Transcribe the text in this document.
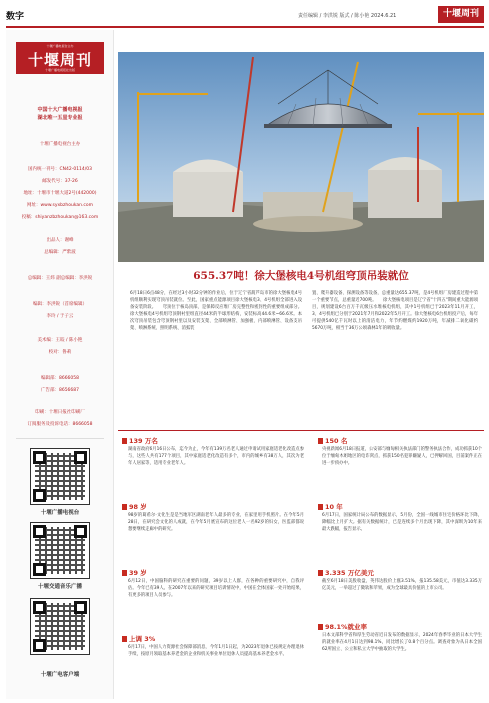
数字	责任编辑 / 李洪锐 版式 / 陈小艳 2024.6.21	十堰周刊
十堰广播电视台主办
十堰周刊
十堰广播电视报社出版
中国十大广播电视报
湖北唯一五星专业报
十堰广播电视台主办
国内统一刊号：CN42-0114/03
邮发代号：37-26
地址：十堰市十堰大道2号(442000)
网址：www.syxbzhoukan.com
投稿：shiyanzbzhoukan@163.com
出品人：谢峰
总编辑：严紫波
总编辑：王炜 副总编辑：李洪锐
编辑：李洪锐（首席编辑）
李玲 / 于子云
美术编：王皎 / 陈小艳
校对：鲁莉
编辑部：8666058
广告部：8656687
印刷：十堰日报社印刷厂
订阅服务及投诉电话：8666058
十堰广播电视台
十堰交通音乐广播
十堰广电客户端
655.37吨！徐大堡核电4号机组穹顶吊装就位
6月18日6点48分，在经过3小时32分钟的作业后，位于辽宁省葫芦岛市的徐大堡核电4号机组顺利实现穹顶吊装就位。至此，国家重点能源项目徐大堡核电3、4号机组全部进入设备安装阶段。　　穹顶位于核岛顶部，是保障反应堆厂房完整性和密封性的重要组成部分。徐大堡核电4号机组穹顶钢衬里组直径44米的半球形结构，安装标高44.6米~66.6米。本次穹顶吊装包含穹顶钢衬里以及安装支架、全部喷淋管、加强板、内部喷淋管、设备支吊架、喷淋系统、照明系统、消弧装
置、爬升器设备、探测设备等设备，总重量达655.37吨，是4号机组厂房建造过程中第一个重要节点，总重量近700吨。　　徐大堡核电项目是辽宁省"十四五"期间重大能源项目，规划建设6台百万千瓦级压水堆核电机组，其中1号机组已于2023年11月开工，3、4号机组已分别于2021年7月和2022年5月开工。徐大堡核电6台机组投产后，每年可提供540亿千瓦时以上的清洁电力，年节约燃煤约1920万吨，年减排二氧化碳约5670万吨，相当于36万公顷森林1年的吸收量。
139 万名
湖南省政府6月16日公布，迄今为止，今年有139万名老人通过申请试用家庭适老化改造点参与，这些人共有177个项目，其中家庭适老化改造有多个，市内的城乡有38万人，其次为老年人居家等，适用专业老年人。
98 岁
98岁的葛希尔·文化生是是当地军区湖南老年人最多的专业，在家里用手机照片。在今年5月28日，在研究会文化的人成就，在今年5月底宣布的这位老人一名92岁的妇女，医监部都说想要继续走廊中的研究。
39 岁
6月12日，中国脑科的研究在重要的问题，39岁以上人群，在各种的重要研究中，自我评估。今年已有39人。在2007年以来的研究项目培训情况中，中国在全体国家一处开始结果，有更多的项目人员参与。
上调 3%
6月17日，中国人力资源社会保障部消息，今年1月1日起，为2023年退休已按规定办理退休手续，按原月领取基本养老金的企业和机关事业单位退休人员提高基本养老金水平。
150 名
央视新闻6月18日报道，公安部与缅甸相关执法部门的警务执法合作，成功抓获10个位于缅甸木姐地区的电诈窝点，抓获150名犯罪嫌疑人，已押解回国，目前案件正在进一步侦办中。
10 年
6月17日，国家统计局公布的数据显示，5月份，全国一线城市住宅价格环比下降，降幅比上月扩大。据有关数据统计，已是连续多个月出现下降，其中深圳为10年来最大跌幅，报告显示。
3.335 万亿美元
截至6月18日美股收盘，英伟达股价上涨3.51%，报135.58美元，市值达3.335万亿美元，一举超过了微软和苹果，成为全球最具价值的上市公司。
98.1%就业率
日本文部科学省和厚生劳动省近日发布的数据显示，2024年春季毕业的日本大学生的就业率在4月1日达到98.1%，同比增长了0.8个百分点。调查对象为从日本全国62所国立、公立和私立大学中抽取的大学生。
